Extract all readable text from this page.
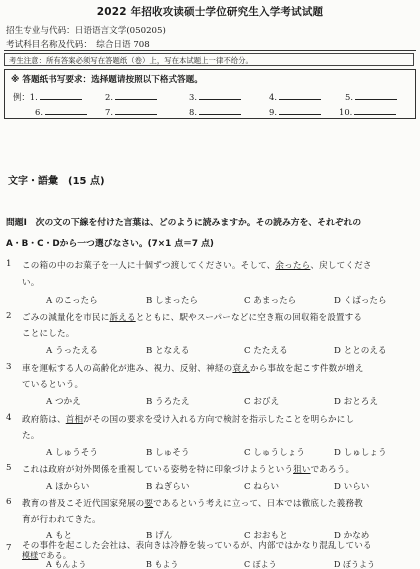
2022 年招收攻读硕士学位研究生入学考试试题
招生专业与代码：日语语言文学(050205)
考试科目名称及代码：　综合日语 708
考生注意：所有答案必须写在答题纸（卷）上，写在本试题上一律不给分。
※ 答题纸书写要求：选择题请按照以下格式答题。
例：1.	2.	3.	4.	5.
6.	7.	8.	9.	10.
文字・語彙　(15 点)
問題Ⅰ　次の文の下線を付けた言葉は、どのように読みますか。その読み方を、それぞれの
A・B・C・Dから一つ選びなさい。(7×1 点＝7 点)
1 この箱の中のお菓子を一人に十個ずつ渡してください。そして、余ったら、戻してくださ
い。
A のこったら	B しまったら	C あまったら	D くばったら
2 ごみの減量化を市民に訴えるとともに、駅やスーパーなどに空き瓶の回収箱を設置する
ことにした。
A うったえる	B となえる	C たたえる	D ととのえる
3 車を運転する人の高齢化が進み、視力、反射、神経の衰えから事故を起こす件数が増え
ているという。
A つかえ	B うろたえ	C おびえ	D おとろえ
4 政府筋は、首相がその国の要求を受け入れる方向で検討を指示したことを明らかにし
た。
A しゅうそう	B しゅそう	C しゅうしょう	D しゅしょう
5 これは政府が対外関係を重視している姿勢を特に印象づけようという狙いであろう。
A ほからい	B ねぎらい	C ねらい	D いらい
6 教育の普及こそ近代国家発展の要であるという考えに立って、日本では徹底した義務教
育が行われてきた。
A もと	B げん	C おおもと	D かなめ
7 その事件を起こした会社は、表向きは冷静を装っているが、内部ではかなり混乱している
模様である。
A もんよう	B もよう	C ぼよう	D ぼうよう
